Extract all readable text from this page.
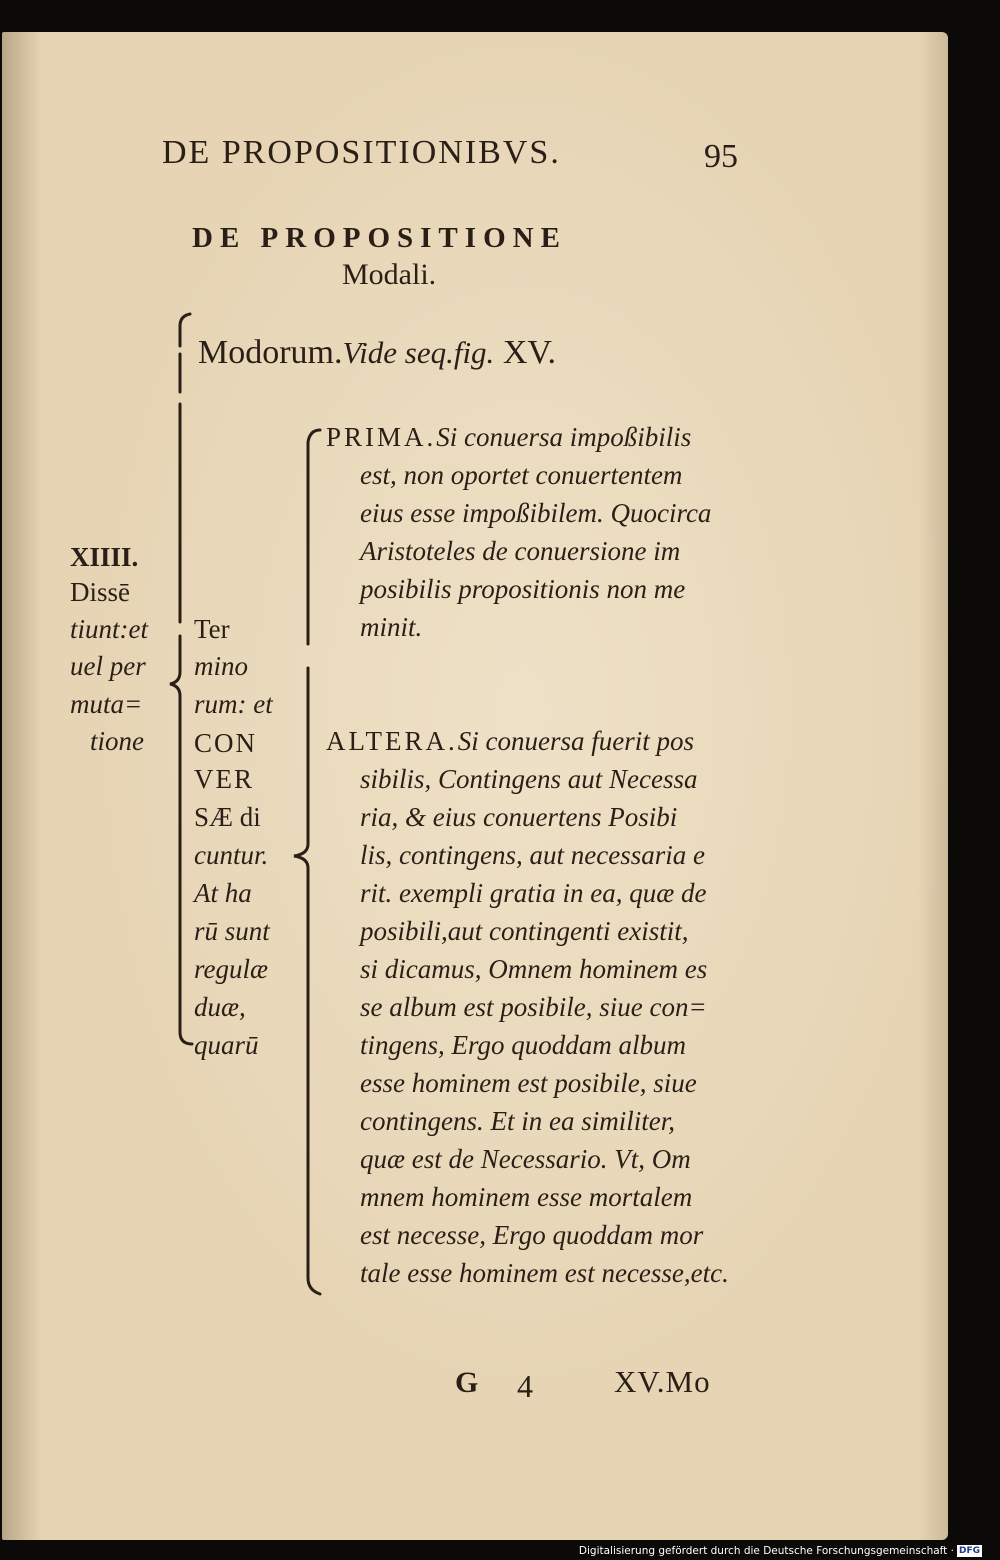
DE PROPOSITIONIBVS.	95
DE PROPOSITIONE
Modali.
Modorum.Vide seq.fig. XV.
XIIII.
Dissē
tiunt:et
uel per
muta=
tione
Ter
mino
rum: et
CON
VER
SÆ di
cuntur.
At ha
rū sunt
regulæ
duæ,
quarū
PRIMA.Si conuersa impoßibilis
est, non oportet conuertentem
eius esse impoßibilem. Quocirca
Aristoteles de conuersione im
posibilis propositionis non me
minit.
ALTERA.Si conuersa fuerit pos
sibilis, Contingens aut Necessa
ria, & eius conuertens Posibi
lis, contingens, aut necessaria e
rit. exempli gratia in ea, quæ de
posibili,aut contingenti existit,
si dicamus, Omnem hominem es
se album est posibile, siue con=
tingens, Ergo quoddam album
esse hominem est posibile, siue
contingens. Et in ea similiter,
quæ est de Necessario. Vt, Om
mnem hominem esse mortalem
est necesse, Ergo quoddam mor
tale esse hominem est necesse,etc.
G 4	XV.Mo
Digitalisierung gefördert durch die Deutsche Forschungsgemeinschaft · DFG
